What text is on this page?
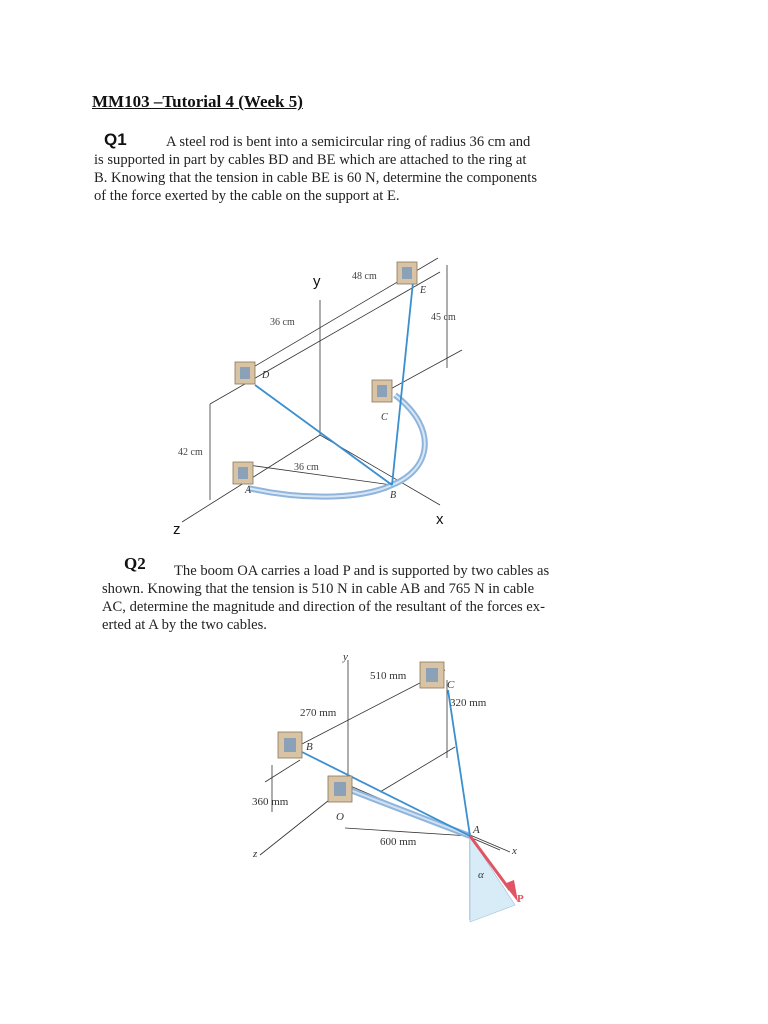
MM103 –Tutorial 4 (Week 5)
Q1	A steel rod is bent into a semicircular ring of radius 36 cm and

is supported in part by cables BD and BE which are attached to the ring at

B. Knowing that the tension in cable BE is 60 N, determine the components

of the force exerted by the cable on the support at E.

Q2	The boom OA carries a load P and is supported by two cables as

shown. Knowing that the tension is 510 N in cable AB and 765 N in cable

AC, determine the magnitude and direction of the resultant of the forces ex-

erted at A by the two cables.

y
x
z
48 cm
36 cm	45 cm
42 cm
36 cm
A	B
C
D
E
y
x
z
510 mm
320 mm
270 mm
360 mm
600 mm
A
B
C
O
α
P
